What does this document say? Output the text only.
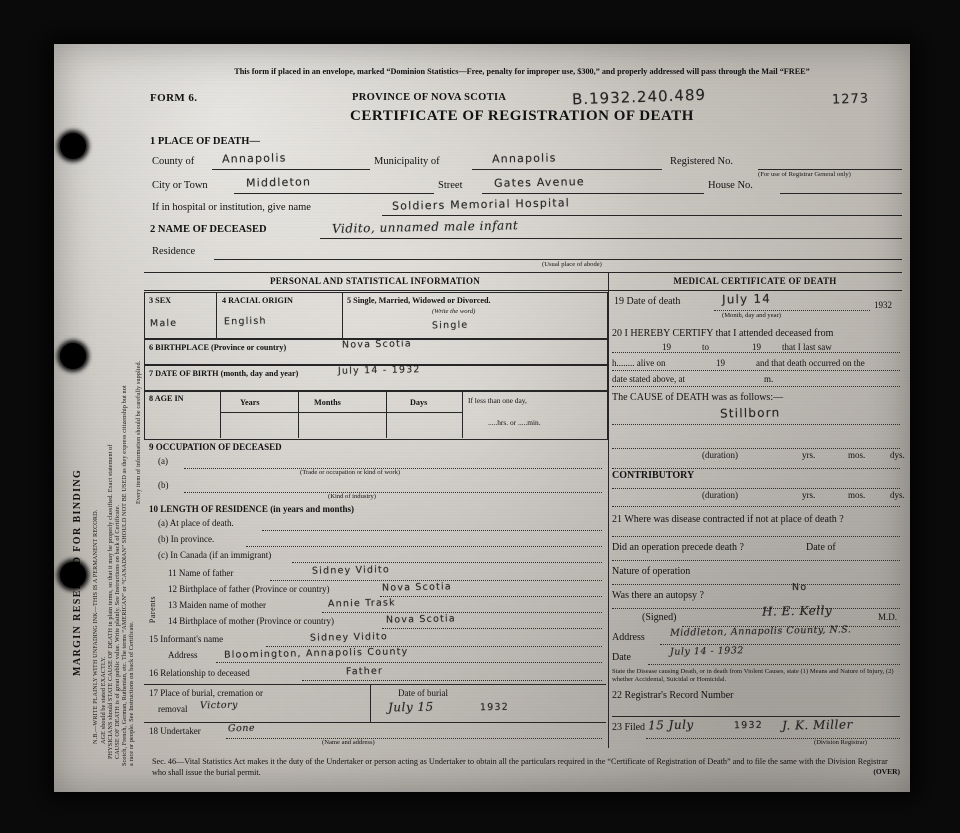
N.B.—WRITE PLAINLY WITH UNFADING INK—THIS IS A PERMANENT RECORD. AGE should be stated EXACTLY. PHYSICIANS should STATE CAUSE OF DEATH in plain terms, so that it may be properly classified. Exact statement of CAUSE OF DEATH is of great public value. Write plainly. See Instructions on back of Certificate. Scotch, French, German, Ruthenian, etc. The terms “AMERICAN” or “CANADIAN” SHOULD NOT BE USED as they express citizenship but not a race or people. See Instructions on back of Certificate.
Every item of information should be carefully supplied.
This form if placed in an envelope, marked “Dominion Statistics—Free, penalty for improper use, $300,” and properly addressed will pass through the Mail “FREE”
FORM 6.	PROVINCE OF NOVA SCOTIA
CERTIFICATE OF REGISTRATION OF DEATH
B.1932.240.489	1273
1 PLACE OF DEATH—
County of	Annapolis	Municipality of	Annapolis	Registered No.
(For use of Registrar General only)
City or Town	Middleton	Street	Gates Avenue	House No.
If in hospital or institution, give name	Soldiers Memorial Hospital
2 NAME OF DECEASED	Vidito, unnamed male infant
Residence
(Usual place of abode)
PERSONAL AND STATISTICAL INFORMATION	MEDICAL CERTIFICATE OF DEATH
3 SEX	4 RACIAL ORIGIN	5 Single, Married, Widowed or Divorced.
(Write the word)
Male	English	Single
6 BIRTHPLACE (Province or country)	Nova Scotia
7 DATE OF BIRTH (month, day and year)	July 14 - 1932
8 AGE IN	Years	Months	Days	If less than one day,
.....hrs. or .....min.
9 OCCUPATION OF DECEASED
(a)
(Trade or occupation or kind of work)
(b)
(Kind of industry)
10 LENGTH OF RESIDENCE (in years and months)
(a) At place of death.
(b) In province.
(c) In Canada (if an immigrant)
Parents
11 Name of father	Sidney Vidito
12 Birthplace of father (Province or country)	Nova Scotia
13 Maiden name of mother	Annie Trask
14 Birthplace of mother (Province or country)	Nova Scotia
15 Informant's name	Sidney Vidito
Address	Bloomington, Annapolis County
16 Relationship to deceased	Father
17 Place of burial, cremation or	Date of burial
removal Victory	July 15	1932
18 Undertaker	Gone
(Name and address)
19 Date of death	July 14
(Month, day and year)
1932
20 I HEREBY CERTIFY that I attended deceased from
19	to	19 that I last saw
h........ alive on	19	and that death occurred on the
date stated above, at	m.
The CAUSE of DEATH was as follows:—
Stillborn
(duration)	yrs.	mos.	dys.
CONTRIBUTORY
(duration)	yrs.	mos.	dys.
21 Where was disease contracted if not at place of death ?
Did an operation precede death ?	Date of
Nature of operation
Was there an autopsy ?
No
(Signed)	H. E. Kelly	M.D.
Address	Middleton, Annapolis County, N.S.
Date	July 14 - 1932
State the Disease causing Death, or in death from Violent Causes, state (1) Means and Nature of Injury, (2) whether Accidental, Suicidal or Homicidal.
22 Registrar's Record Number
23 Filed 15 July	1932 J. K. Miller
(Division Registrar)
Sec. 46—Vital Statistics Act makes it the duty of the Undertaker or person acting as Undertaker to obtain all the particulars required in the “Certificate of Registration of Death” and to file the same with the Division Registrar who shall issue the burial permit.	(OVER)
